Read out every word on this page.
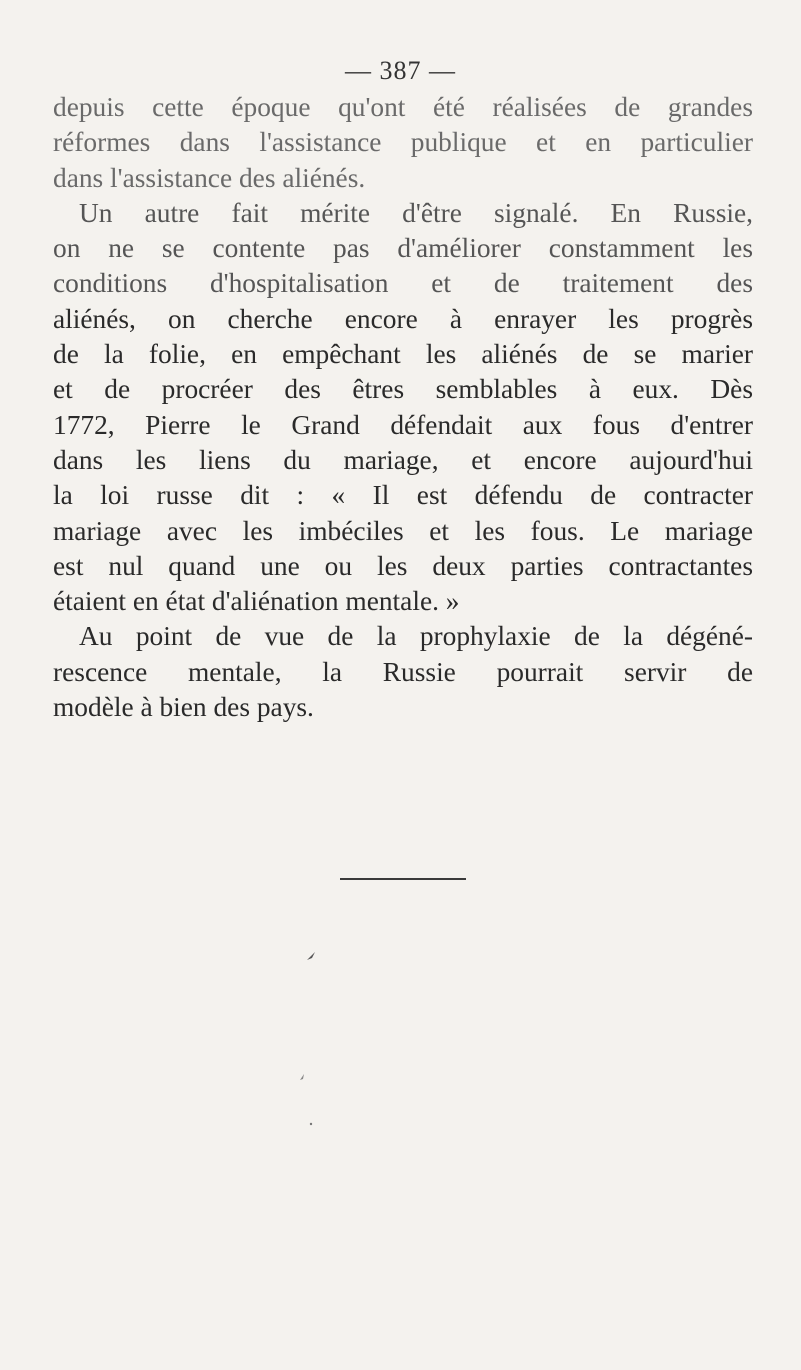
— 387 —
depuis cette époque qu'ont été réalisées de grandes
réformes dans l'assistance publique et en particulier
dans l'assistance des aliénés.
Un autre fait mérite d'être signalé. En Russie,
on ne se contente pas d'améliorer constamment les
conditions d'hospitalisation et de traitement des
aliénés, on cherche encore à enrayer les progrès
de la folie, en empêchant les aliénés de se marier
et de procréer des êtres semblables à eux. Dès
1772, Pierre le Grand défendait aux fous d'entrer
dans les liens du mariage, et encore aujourd'hui
la loi russe dit : « Il est défendu de contracter
mariage avec les imbéciles et les fous. Le mariage
est nul quand une ou les deux parties contractantes
étaient en état d'aliénation mentale. »
Au point de vue de la prophylaxie de la dégéné-
rescence mentale, la Russie pourrait servir de
modèle à bien des pays.
